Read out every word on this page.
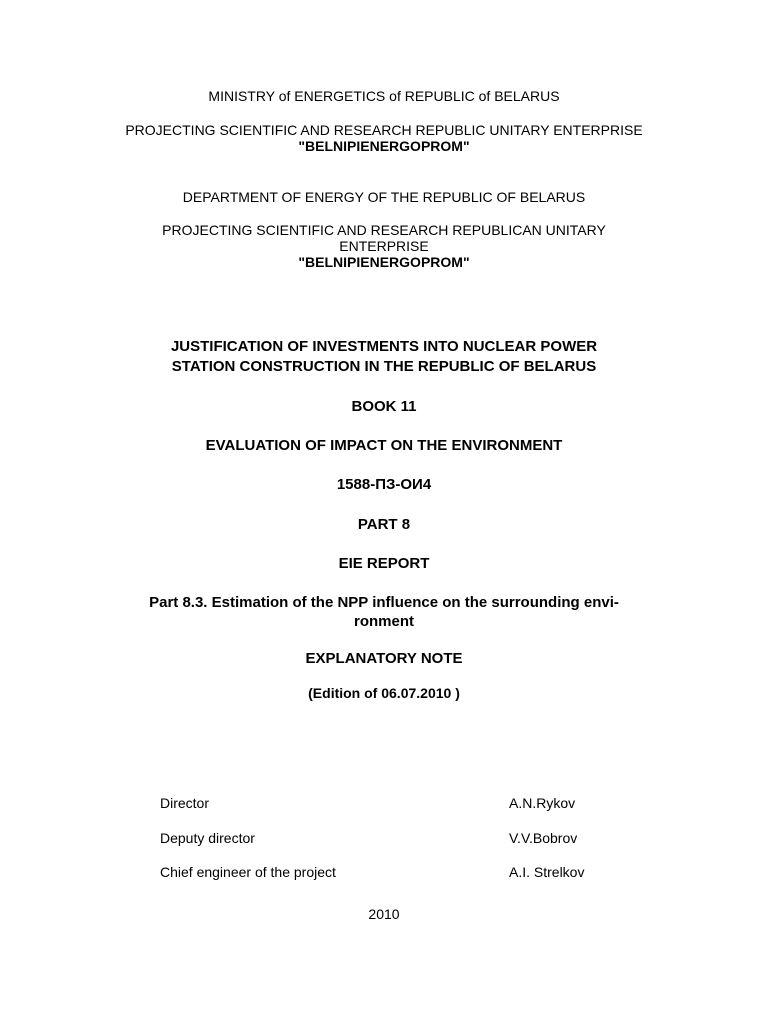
MINISTRY of ENERGETICS of REPUBLIC of BELARUS
PROJECTING SCIENTIFIC AND RESEARCH REPUBLIC UNITARY ENTERPRISE
"BELNIPIENERGOPROM"
DEPARTMENT OF ENERGY OF THE REPUBLIC OF BELARUS
PROJECTING SCIENTIFIC AND RESEARCH REPUBLICAN UNITARY
ENTERPRISE
"BELNIPIENERGOPROM"
JUSTIFICATION OF INVESTMENTS INTO NUCLEAR POWER
STATION CONSTRUCTION IN THE REPUBLIC OF BELARUS
BOOK 11
EVALUATION OF IMPACT ON THE ENVIRONMENT
1588-ПЗ-ОИ4
PART 8
EIE REPORT
Part 8.3. Estimation of the NPP influence on the surrounding envi-
ronment
EXPLANATORY NOTE
(Edition of 06.07.2010 )
Director	A.N.Rykov
Deputy director	V.V.Bobrov
Chief engineer of the project	A.I. Strelkov
2010
